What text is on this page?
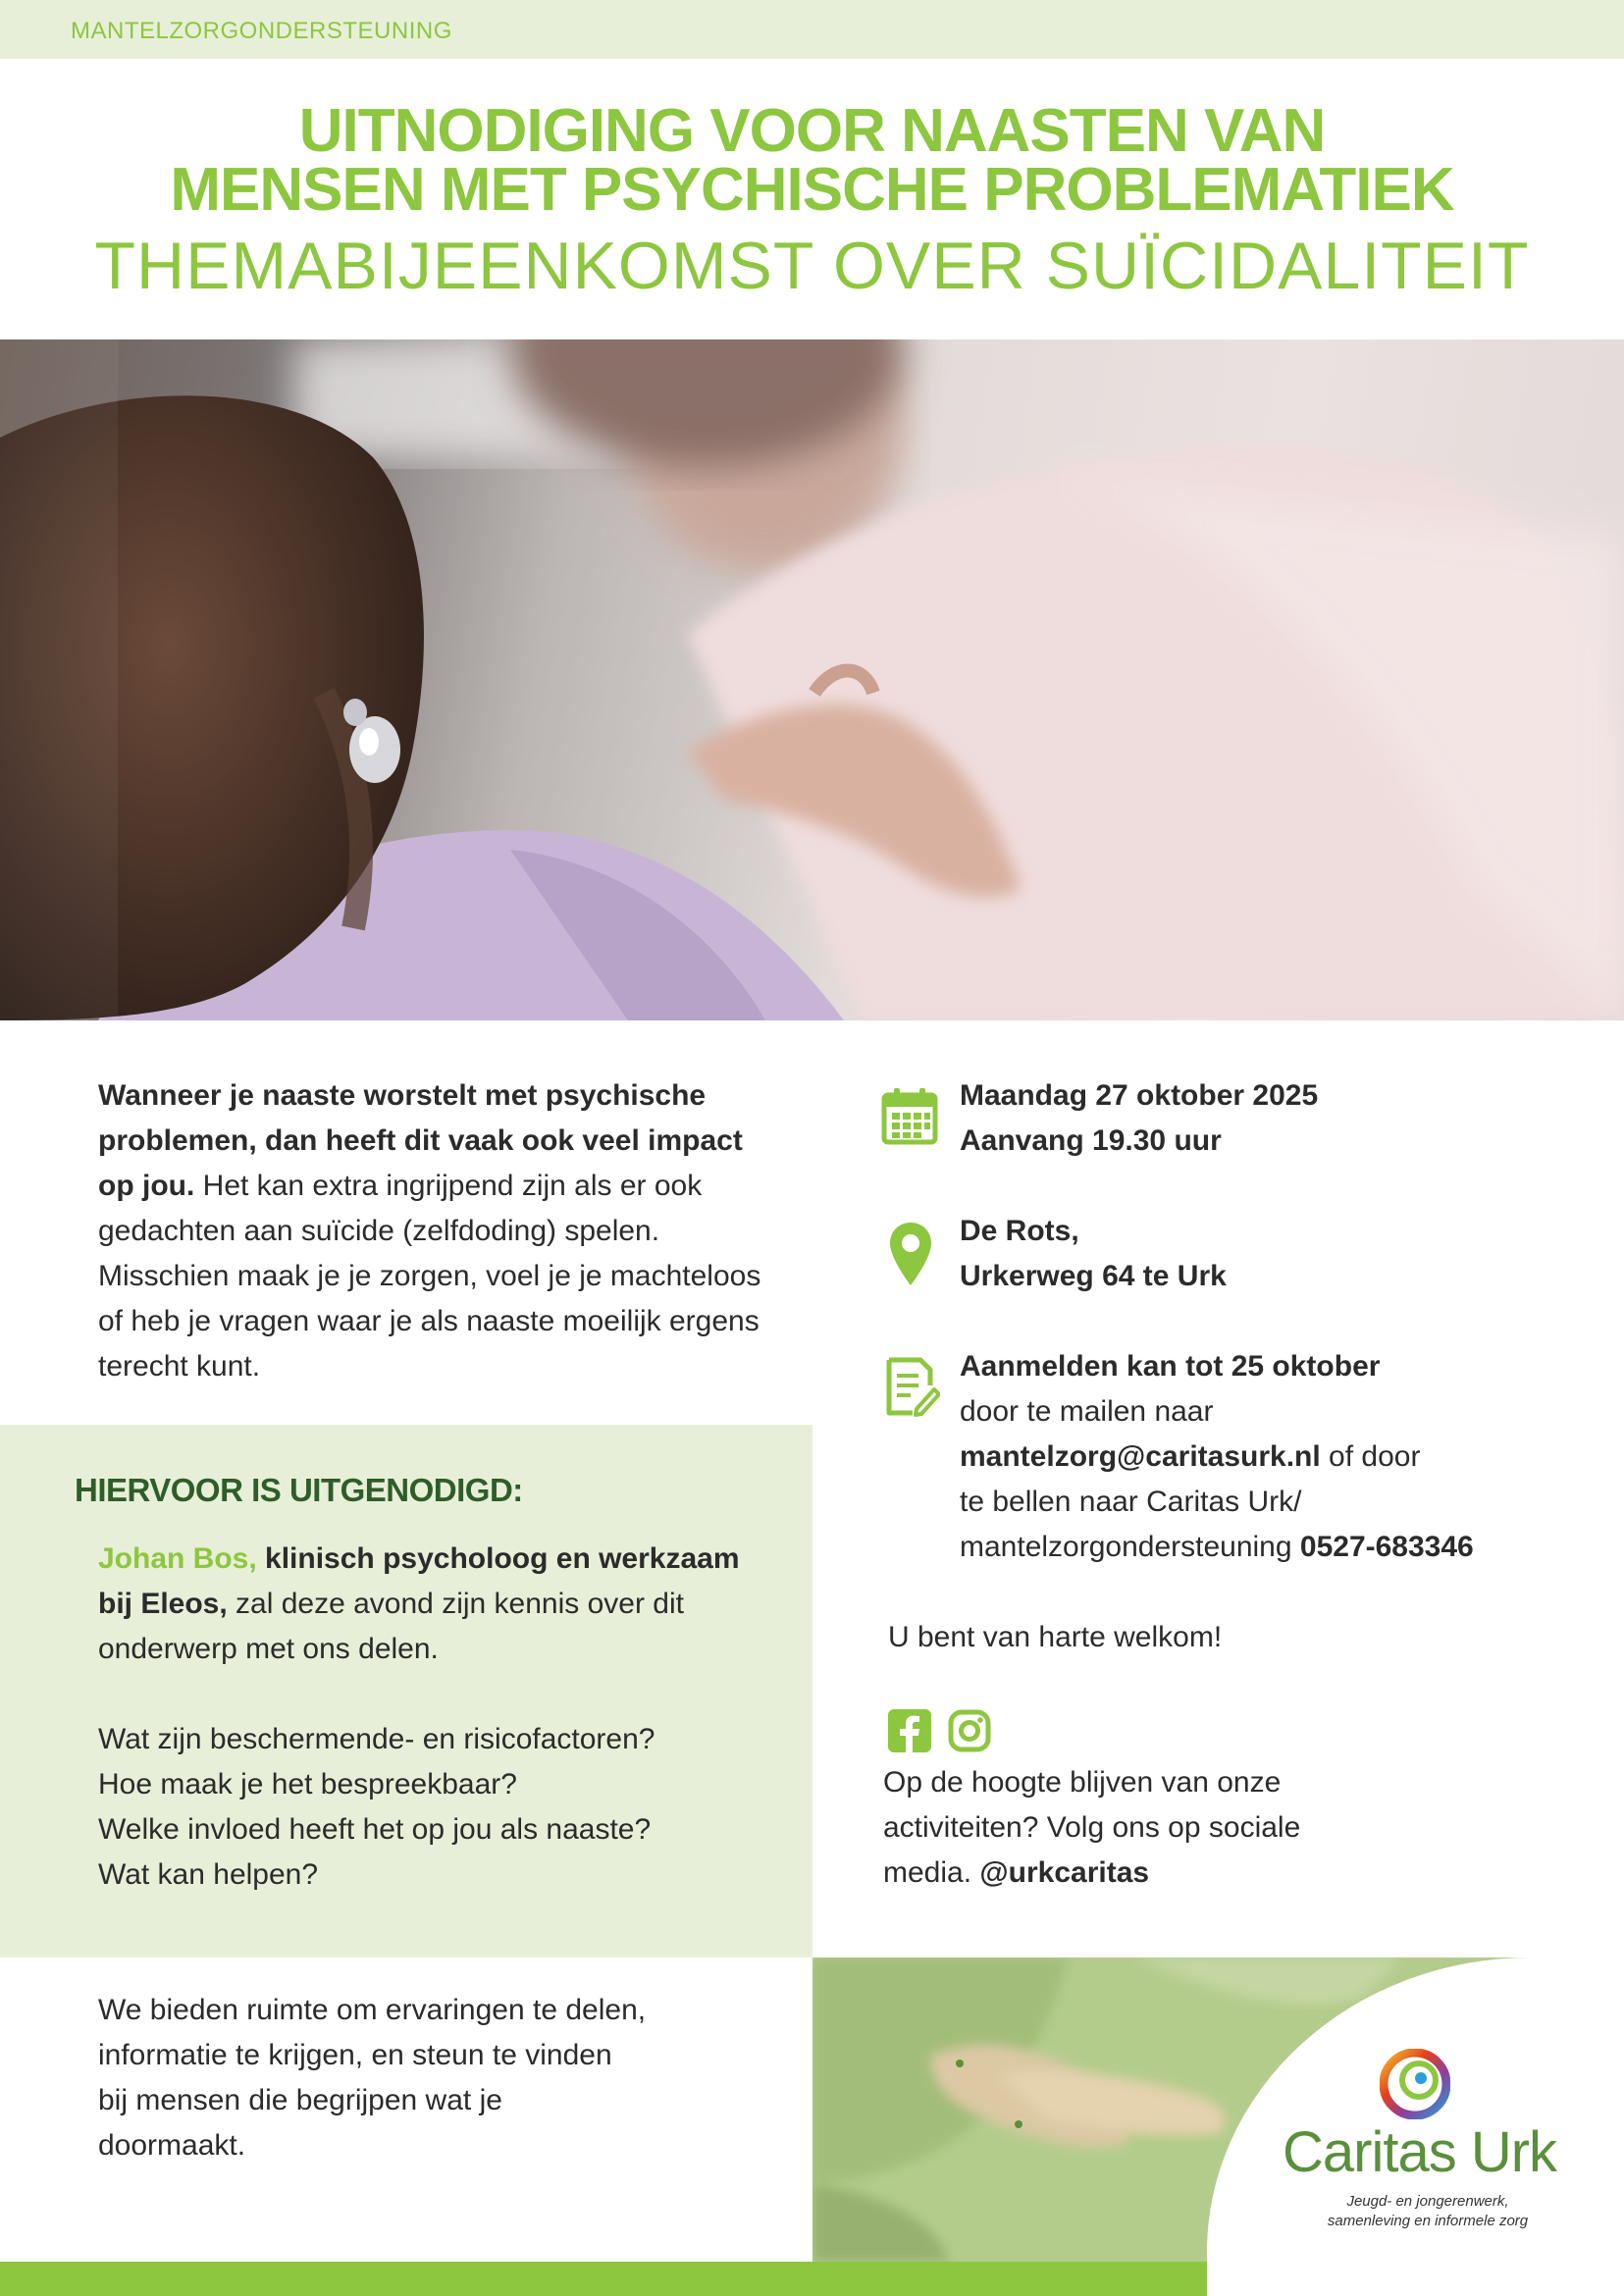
MANTELZORGONDERSTEUNING
UITNODIGING VOOR NAASTEN VAN
MENSEN MET PSYCHISCHE PROBLEMATIEK
THEMABIJEENKOMST OVER SUÏCIDALITEIT
Wanneer je naaste worstelt met psychische problemen, dan heeft dit vaak ook veel impact op jou. Het kan extra ingrijpend zijn als er ook gedachten aan suïcide (zelfdoding) spelen. Misschien maak je je zorgen, voel je je machteloos of heb je vragen waar je als naaste moeilijk ergens terecht kunt.
HIERVOOR IS UITGENODIGD:
Johan Bos, klinisch psycholoog en werkzaam bij Eleos, zal deze avond zijn kennis over dit onderwerp met ons delen.
Wat zijn beschermende- en risicofactoren?
Hoe maak je het bespreekbaar?
Welke invloed heeft het op jou als naaste?
Wat kan helpen?
We bieden ruimte om ervaringen te delen, informatie te krijgen, en steun te vinden bij mensen die begrijpen wat je doormaakt.
Maandag 27 oktober 2025
Aanvang 19.30 uur
De Rots,
Urkerweg 64 te Urk
Aanmelden kan tot 25 oktober
door te mailen naar
mantelzorg@caritasurk.nl of door
te bellen naar Caritas Urk/
mantelzorgondersteuning 0527-683346
U bent van harte welkom!
Op de hoogte blijven van onze activiteiten? Volg ons op sociale media. @urkcaritas
Caritas Urk
Jeugd- en jongerenwerk,
samenleving en informele zorg
